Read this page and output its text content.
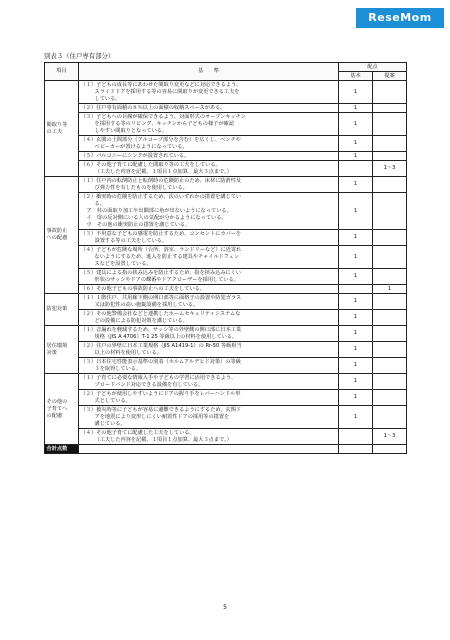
ReseMom
別表３（住戸専有部分）
項目	基　　準	配点	
		基本	提案

間取り等
の工夫	（１）子どもの成長等にあわせた間取り変更などに対応できるよう、
スライドドアを採用する等の容易に間取りが変更できる工夫を
している。	1	

	（２）住戸専有面積の８％以上の面積の収納スペースがある。	1	

	（３）子どもへの目線が確保できるよう、対面形式のオープンキッチン
を採用する等のリビング、キッチンから子どもの様子が確認
しやすい間取りとなっている。	1	

	（４）玄関の土間部分（アルコーブ部分を含む）を広くし、ベンチや
ベビーカーが置けるようになっている。	1	

	（５）バルコニーにシンクが設置されている。	1	

	（６）その他子育てに配慮した間取り等の工夫をしている。
（工夫した内容を記載、１項目１点加算、最大３点まで。）		1～3

事故防止
への配慮	（１）住戸内の転倒防止と転倒時の危険防止のため、床材に防滑性及
び弾力性を有したものを使用している。	1	

	（２）衝突時の危険を防止するため、次のいずれかの措置を講じてい
る。
ア　柱の面取り加工や出隅部に角が出ないようになっている。
イ　扉の反対側にいる人の気配が分かるようになっている。
ウ　その他の衝突防止の措置を講じている。	1	

	（３）不用意な子どもの感電を防止するため、コンセントにカバーを
設置する等の工夫をしている。	1	

	（４）子どもが危険な場所（台所、浴室、ランドリーなど）に近寄れ
ないようにするため、進入を防止する建具やチャイルドフェン
スなどを設置している。	1	

	（５）建具による指の挟み込みを防止するため、指を挟み込みにくい
形状のサッシやドアの蝶番やドアクローザーを採用している。	1	

	（６）その他子どもの事故防止への工夫をしている。		1

防犯対策	（１）１階住戸、共用廊下側の開口部等に面格子の設置や防犯ガラス
又は防犯性の高い施錠設備を採用している。	1	

	（２）その他警備会社などと連携したホームセキュリティシステムな
どの設備による防犯対策を講じている。	1	

居住環境
対策	（１）音漏れを軽減するため、サッシ等の外壁側の開口部に日本工業
規格（JIS A 4706）T-1 25 等級以上の材料を使用している。	1	

	（２）住戸の界壁に日本工業規格（JIS A1419-1）の Rr-50 等級相当
以上の材料を使用している。	1	

	（３）日本住宅性能表示基準の別表（ホルムアルデヒド対策）の等級
３を取得している。	1	

その他の
子育てへ
の配慮	（１）子育てに必要な情報入手や子どもの学習に活用できるよう、
ブロードバンド対応できる設備を有している。	1	

	（２）子どもが使用しやすいようにドアの握り手をレバーハンドル形
式としている。	1	

	（３）被災時等に子どもが容易に避難できるようにするため、玄関ド
アを地震により変形しにくい耐震性ドアの採用等の措置を
講じている。	1	

	（４）その他子育てに配慮した工夫をしている。
（工夫した内容を記載、１項目１点加算、最大３点まで。）		1～3
合計点数			
5
